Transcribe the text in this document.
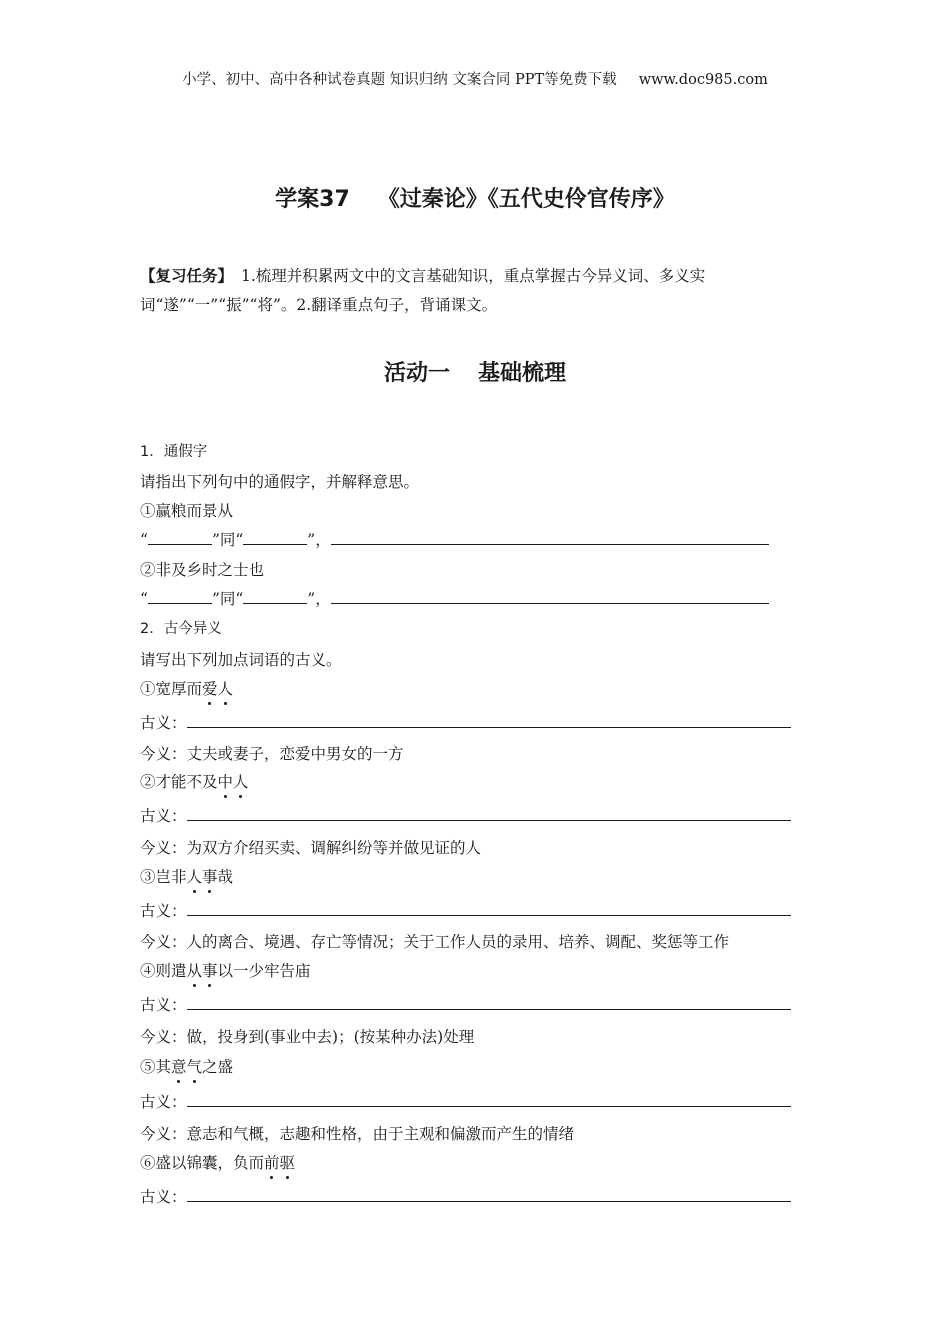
小学、初中、高中各种试卷真题 知识归纳 文案合同 PPT等免费下载 www.doc985.com
学案37 《过秦论》《五代史伶官传序》
【复习任务】 1.梳理并积累两文中的文言基础知识，重点掌握古今异义词、多义实词“遂”“一”“振”“将”。2.翻译重点句子，背诵课文。
活动一 基础梳理
1．通假字
请指出下列句中的通假字，并解释意思。
①赢粮而景从
“	”同“	”，
②非及乡时之士也
“	”同“	”，
2．古今异义
请写出下列加点词语的古义。
①宽厚而爱人
古义：
今义：丈夫或妻子，恋爱中男女的一方
②才能不及中人
古义：
今义：为双方介绍买卖、调解纠纷等并做见证的人
③岂非人事哉
古义：
今义：人的离合、境遇、存亡等情况；关于工作人员的录用、培养、调配、奖惩等工作
④则遣从事以一少牢告庙
古义：
今义：做，投身到(事业中去)；(按某种办法)处理
⑤其意气之盛
古义：
今义：意志和气概，志趣和性格，由于主观和偏激而产生的情绪
⑥盛以锦囊，负而前驱
古义：
